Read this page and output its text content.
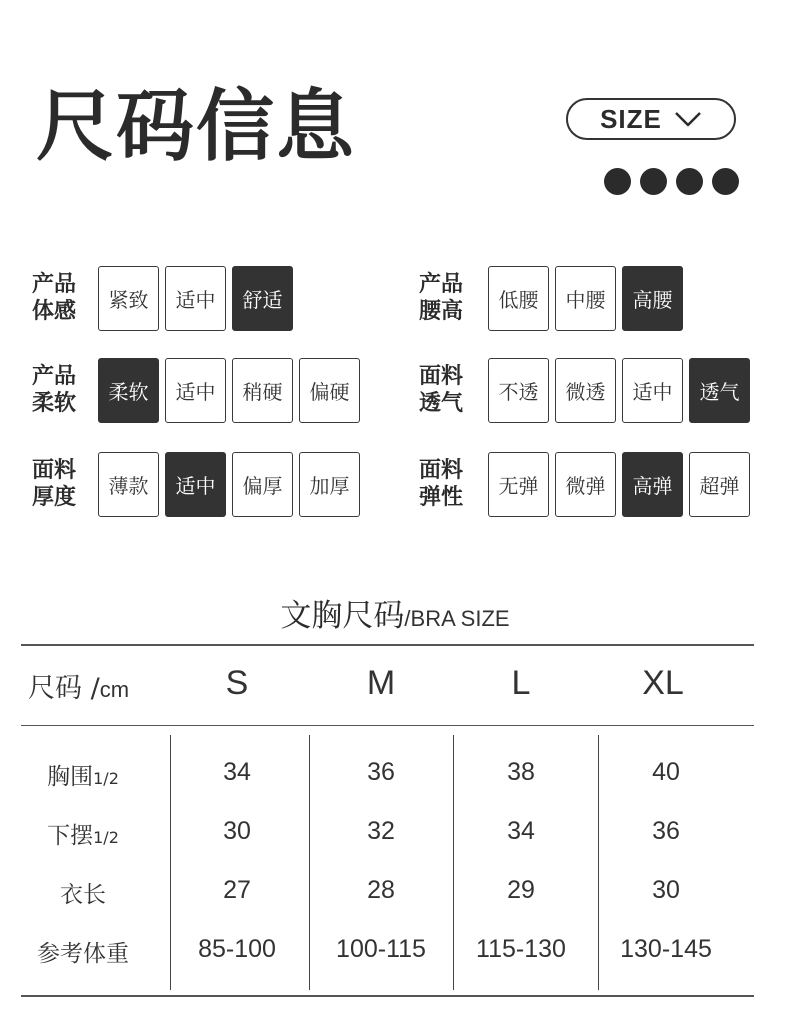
尺码信息	SIZE
产品
体感	紧致	适中	舒适
产品
柔软	柔软	适中	稍硬	偏硬
面料
厚度	薄款	适中	偏厚	加厚
产品
腰高	低腰	中腰	高腰
面料
透气	不透	微透	适中	透气
面料
弹性	无弹	微弹	高弹	超弹
文胸尺码/BRA SIZE
尺码 /cm	S	M	L	XL
胸围1/2	34	36	38	40
下摆1/2	30	32	34	36
衣长	27	28	29	30
参考体重	85-100 100-115 115-130 130-145
